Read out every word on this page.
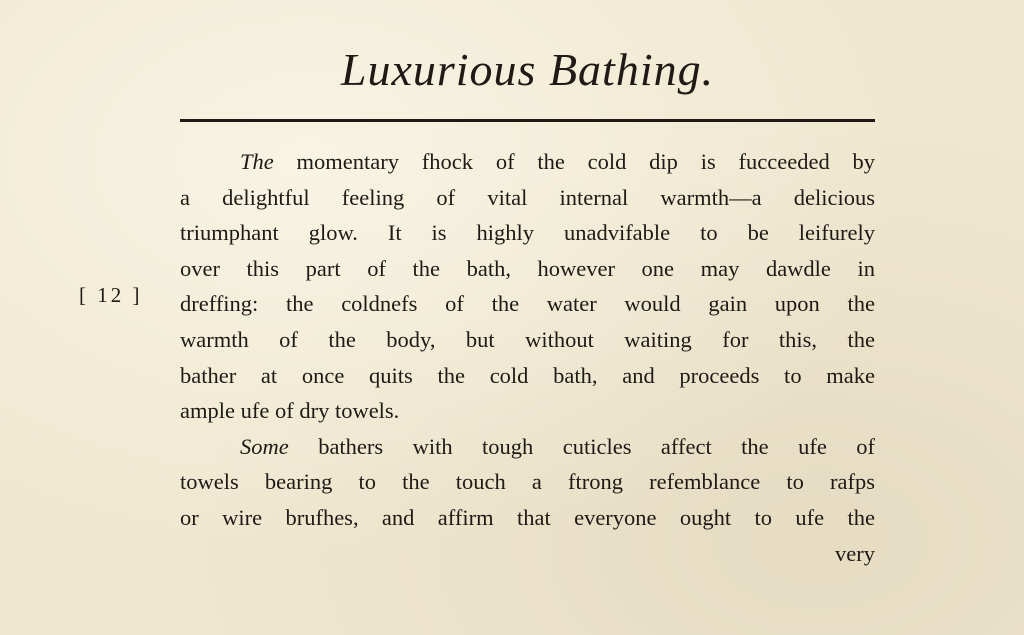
Luxurious Bathing.
[ 12 ]
The momentary fhock of the cold dip is fucceeded by
a delightful feeling of vital internal warmth—a delicious
triumphant glow. It is highly unadvifable to be leifurely
over this part of the bath, however one may dawdle in
dreffing: the coldnefs of the water would gain upon the
warmth of the body, but without waiting for this, the
bather at once quits the cold bath, and proceeds to make
ample ufe of dry towels.
Some bathers with tough cuticles affect the ufe of
towels bearing to the touch a ftrong refemblance to rafps
or wire brufhes, and affirm that everyone ought to ufe the
very
